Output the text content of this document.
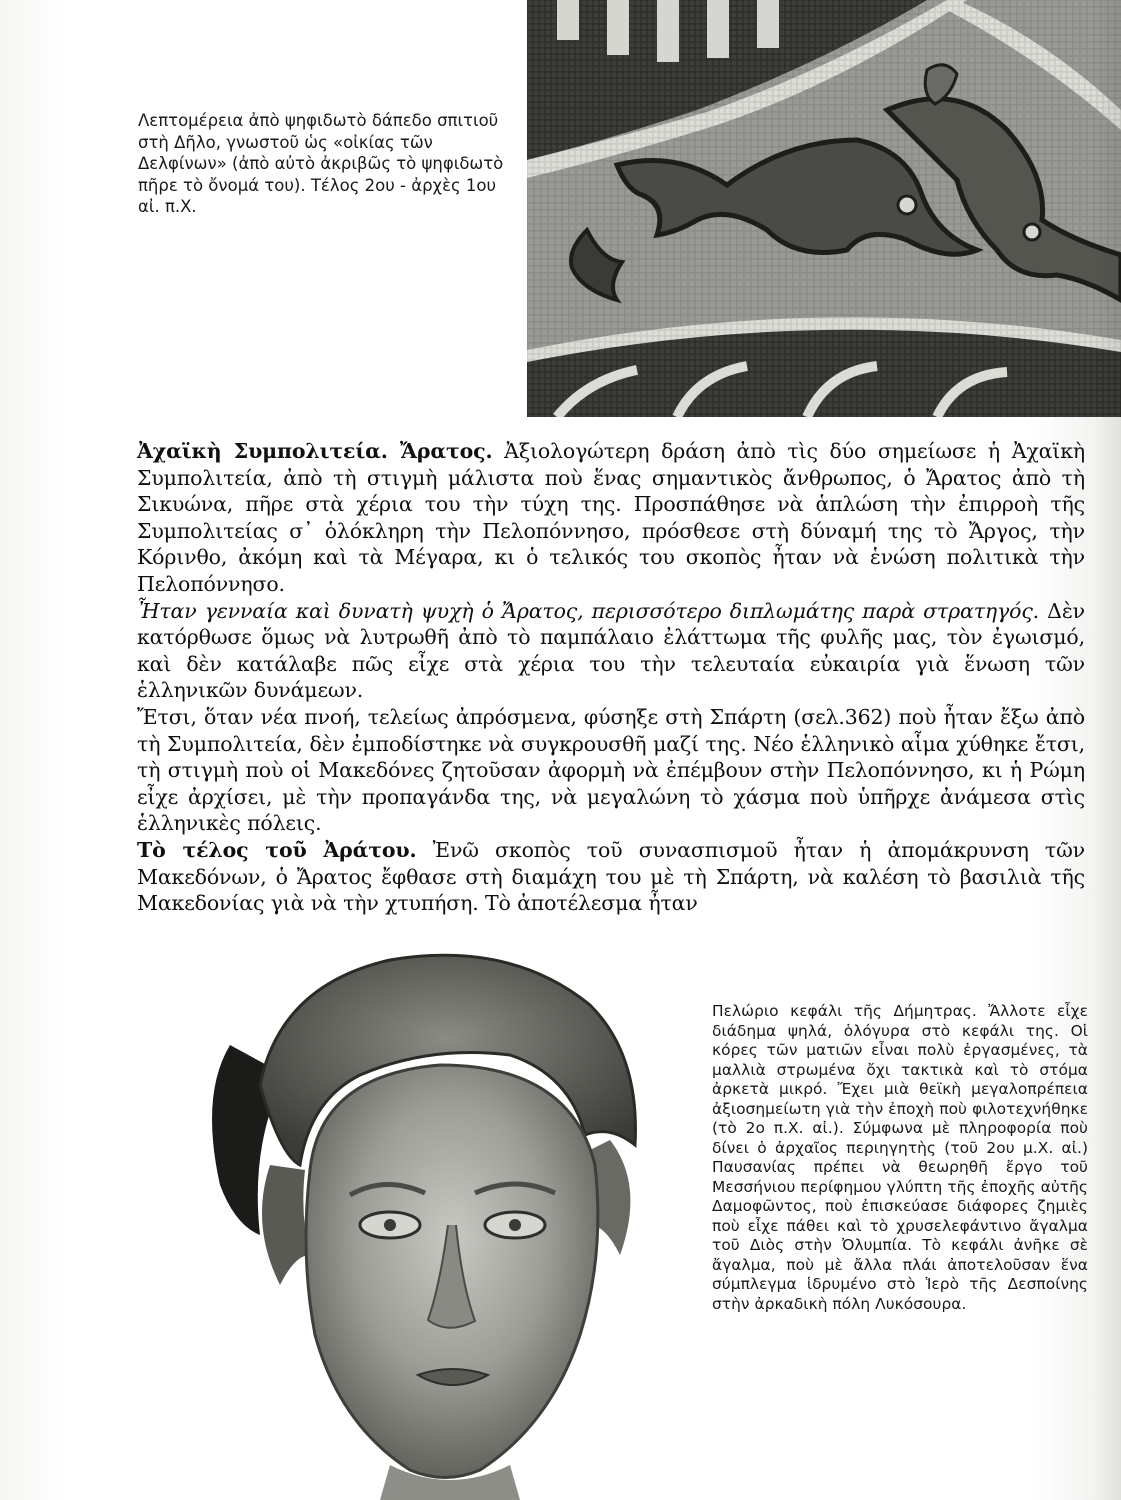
Λεπτομέρεια ἀπὸ ψηφιδωτὸ δάπεδο σπιτιοῦ στὴ Δῆλο, γνωστοῦ ὡς «οἰκίας τῶν Δελφίνων» (ἀπὸ αὐτὸ ἀκριβῶς τὸ ψηφιδωτὸ πῆρε τὸ ὄνομά του). Τέλος 2ου - ἀρχὲς 1ου αἰ. π.Χ.

Ἀχαϊκὴ Συμπολιτεία. Ἄρατος. Ἀξιολογώτερη δράση ἀπὸ τὶς δύο σημείωσε ἡ Ἀχαϊκὴ Συμπολιτεία, ἀπὸ τὴ στιγμὴ μάλιστα ποὺ ἕνας σημαντικὸς ἄνθρωπος, ὁ Ἄρατος ἀπὸ τὴ Σικυώνα, πῆρε στὰ χέρια του τὴν τύχη της. Προσπάθησε νὰ ἁπλώση τὴν ἐπιρροὴ τῆς Συμπολιτείας σ᾽ ὁλόκληρη τὴν Πελοπόννησο, πρόσθεσε στὴ δύναμή της τὸ Ἄργος, τὴν Κόρινθο, ἀκόμη καὶ τὰ Μέγαρα, κι ὁ τελικός του σκοπὸς ἦταν νὰ ἑνώση πολιτικὰ τὴν Πελοπόννησο.

Ἦταν γενναία καὶ δυνατὴ ψυχὴ ὁ Ἄρατος, περισσότερο διπλωμάτης παρὰ στρατηγός. Δὲν κατόρθωσε ὅμως νὰ λυτρωθῆ ἀπὸ τὸ παμπάλαιο ἐλάττωμα τῆς φυλῆς μας, τὸν ἐγωισμό, καὶ δὲν κατάλαβε πῶς εἶχε στὰ χέρια του τὴν τελευταία εὐκαιρία γιὰ ἕνωση τῶν ἑλληνικῶν δυνάμεων.

Ἔτσι, ὅταν νέα πνοή, τελείως ἀπρόσμενα, φύσηξε στὴ Σπάρτη (σελ.362) ποὺ ἦταν ἔξω ἀπὸ τὴ Συμπολιτεία, δὲν ἐμποδίστηκε νὰ συγκρουσθῆ μαζί της. Νέο ἑλληνικὸ αἷμα χύθηκε ἔτσι, τὴ στιγμὴ ποὺ οἱ Μακεδόνες ζητοῦσαν ἀφορμὴ νὰ ἐπέμβουν στὴν Πελοπόννησο, κι ἡ Ρώμη εἶχε ἀρχίσει, μὲ τὴν προπαγάνδα της, νὰ μεγαλώνη τὸ χάσμα ποὺ ὑπῆρχε ἀνάμεσα στὶς ἑλληνικὲς πόλεις.

Τὸ τέλος τοῦ Ἀράτου. Ἐνῶ σκοπὸς τοῦ συνασπισμοῦ ἦταν ἡ ἀπομάκρυνση τῶν Μακεδόνων, ὁ Ἄρατος ἔφθασε στὴ διαμάχη του μὲ τὴ Σπάρτη, νὰ καλέση τὸ βασιλιὰ τῆς Μακεδονίας γιὰ νὰ τὴν χτυπήση. Τὸ ἀποτέλεσμα ἦταν

Πελώριο κεφάλι τῆς Δήμητρας. Ἄλλοτε εἶχε διάδημα ψηλά, ὁλόγυρα στὸ κεφάλι της. Οἱ κόρες τῶν ματιῶν εἶναι πολὺ ἐργασμένες, τὰ μαλλιὰ στρωμένα ὄχι τακτικὰ καὶ τὸ στόμα ἀρκετὰ μικρό. Ἔχει μιὰ θεϊκὴ μεγαλοπρέπεια ἀξιοσημείωτη γιὰ τὴν ἐποχὴ ποὺ φιλοτεχνήθηκε (τὸ 2ο π.Χ. αἰ.). Σύμφωνα μὲ πληροφορία ποὺ δίνει ὁ ἀρχαῖος περιηγητὴς (τοῦ 2ου μ.Χ. αἰ.) Παυσανίας πρέπει νὰ θεωρηθῆ ἔργο τοῦ Μεσσήνιου περίφημου γλύπτη τῆς ἐποχῆς αὐτῆς Δαμοφῶντος, ποὺ ἐπισκεύασε διάφορες ζημιὲς ποὺ εἶχε πάθει καὶ τὸ χρυσελεφάντινο ἄγαλμα τοῦ Διὸς στὴν Ὀλυμπία. Τὸ κεφάλι ἀνῆκε σὲ ἄγαλμα, ποὺ μὲ ἄλλα πλάι ἀποτελοῦσαν ἕνα σύμπλεγμα ἱδρυμένο στὸ Ἱερὸ τῆς Δεσποίνης στὴν ἀρκαδικὴ πόλη Λυκόσουρα.
